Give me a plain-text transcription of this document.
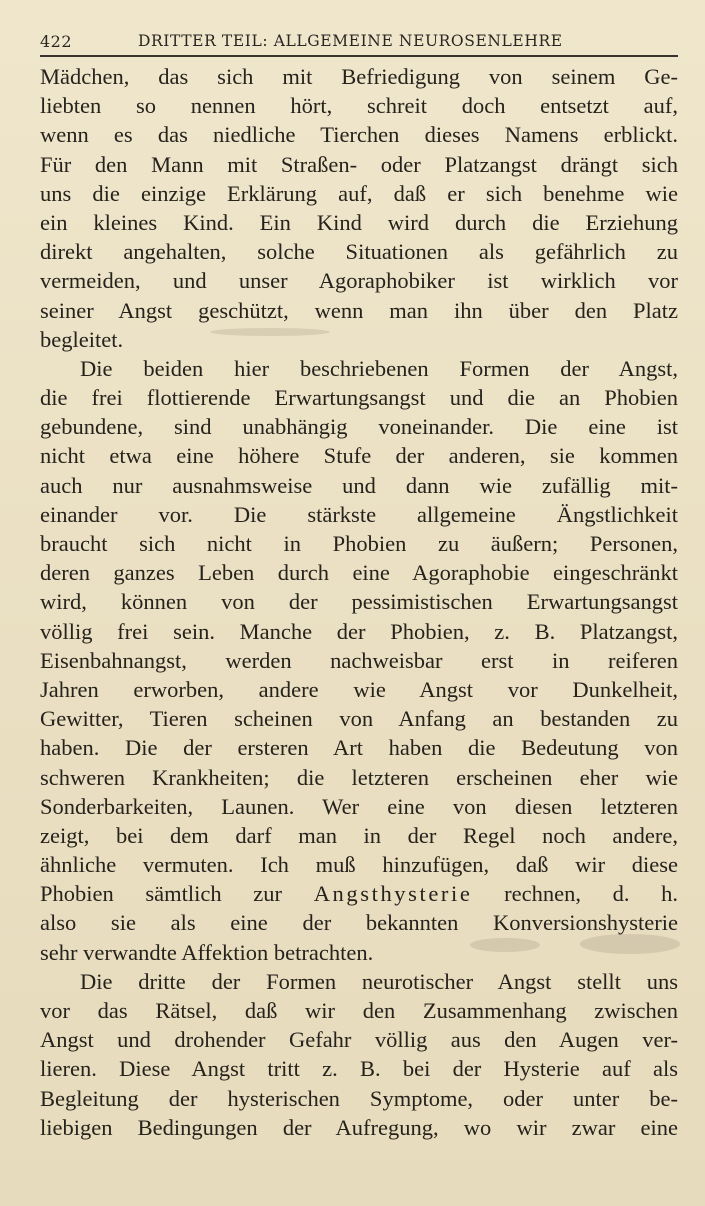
422	DRITTER TEIL: ALLGEMEINE NEUROSENLEHRE
Mädchen, das sich mit Befriedigung von seinem Ge-
liebten so nennen hört, schreit doch entsetzt auf,
wenn es das niedliche Tierchen dieses Namens erblickt.
Für den Mann mit Straßen- oder Platzangst drängt sich
uns die einzige Erklärung auf, daß er sich benehme wie
ein kleines Kind. Ein Kind wird durch die Erziehung
direkt angehalten, solche Situationen als gefährlich zu
vermeiden, und unser Agoraphobiker ist wirklich vor
seiner Angst geschützt, wenn man ihn über den Platz
begleitet.
Die beiden hier beschriebenen Formen der Angst,
die frei flottierende Erwartungsangst und die an Phobien
gebundene, sind unabhängig voneinander. Die eine ist
nicht etwa eine höhere Stufe der anderen, sie kommen
auch nur ausnahmsweise und dann wie zufällig mit-
einander vor. Die stärkste allgemeine Ängstlichkeit
braucht sich nicht in Phobien zu äußern; Personen,
deren ganzes Leben durch eine Agoraphobie eingeschränkt
wird, können von der pessimistischen Erwartungsangst
völlig frei sein. Manche der Phobien, z. B. Platzangst,
Eisenbahnangst, werden nachweisbar erst in reiferen
Jahren erworben, andere wie Angst vor Dunkelheit,
Gewitter, Tieren scheinen von Anfang an bestanden zu
haben. Die der ersteren Art haben die Bedeutung von
schweren Krankheiten; die letzteren erscheinen eher wie
Sonderbarkeiten, Launen. Wer eine von diesen letzteren
zeigt, bei dem darf man in der Regel noch andere,
ähnliche vermuten. Ich muß hinzufügen, daß wir diese
Phobien sämtlich zur Angsthysterie rechnen, d. h.
also sie als eine der bekannten Konversionshysterie
sehr verwandte Affektion betrachten.
Die dritte der Formen neurotischer Angst stellt uns
vor das Rätsel, daß wir den Zusammenhang zwischen
Angst und drohender Gefahr völlig aus den Augen ver-
lieren. Diese Angst tritt z. B. bei der Hysterie auf als
Begleitung der hysterischen Symptome, oder unter be-
liebigen Bedingungen der Aufregung, wo wir zwar eine
